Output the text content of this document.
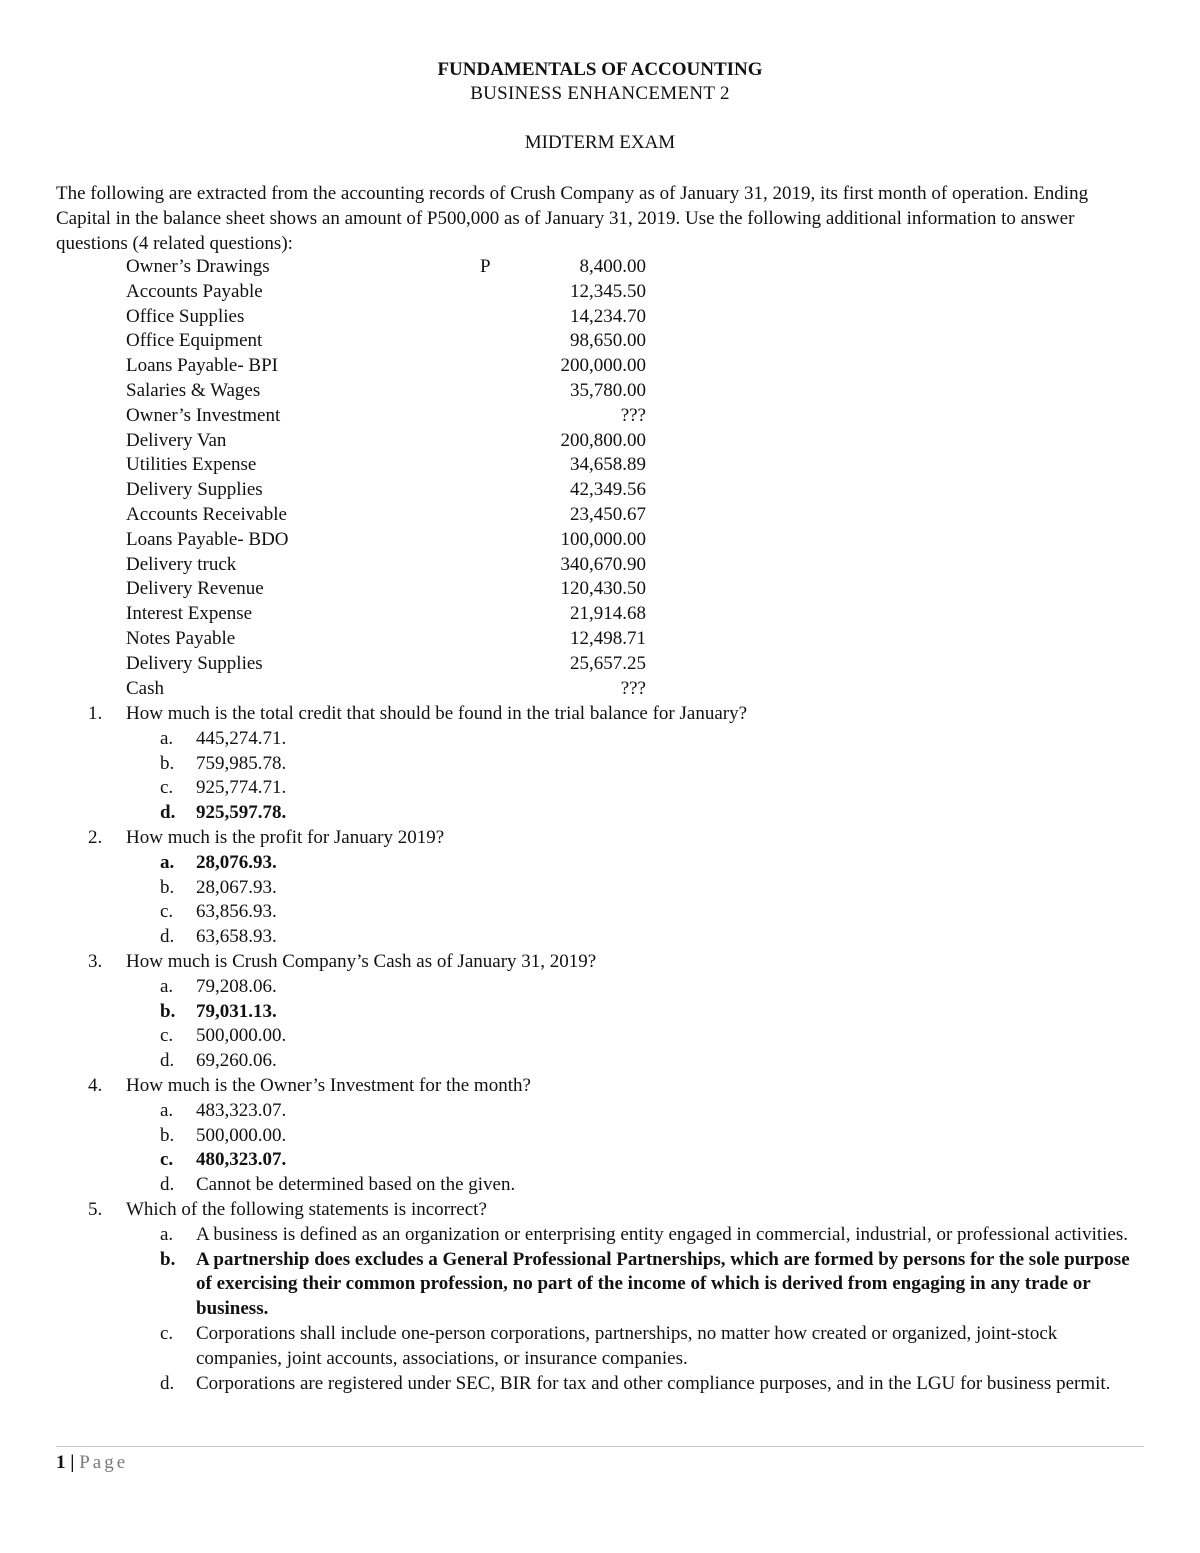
FUNDAMENTALS OF ACCOUNTING
BUSINESS ENHANCEMENT 2
MIDTERM EXAM
The following are extracted from the accounting records of Crush Company as of January 31, 2019, its first month of operation. Ending Capital in the balance sheet shows an amount of P500,000 as of January 31, 2019. Use the following additional information to answer questions (4 related questions):
Owner’s Drawings	P	8,400.00
Accounts Payable	12,345.50
Office Supplies	14,234.70
Office Equipment	98,650.00
Loans Payable- BPI	200,000.00
Salaries & Wages	35,780.00
Owner’s Investment	???
Delivery Van	200,800.00
Utilities Expense	34,658.89
Delivery Supplies	42,349.56
Accounts Receivable	23,450.67
Loans Payable- BDO	100,000.00
Delivery truck	340,670.90
Delivery Revenue	120,430.50
Interest Expense	21,914.68
Notes Payable	12,498.71
Delivery Supplies	25,657.25
Cash	???
1. How much is the total credit that should be found in the trial balance for January?
a. 445,274.71.
b. 759,985.78.
c. 925,774.71.
d. 925,597.78.
2. How much is the profit for January 2019?
a. 28,076.93.
b. 28,067.93.
c. 63,856.93.
d. 63,658.93.
3. How much is Crush Company’s Cash as of January 31, 2019?
a. 79,208.06.
b. 79,031.13.
c. 500,000.00.
d. 69,260.06.
4. How much is the Owner’s Investment for the month?
a. 483,323.07.
b. 500,000.00.
c. 480,323.07.
d. Cannot be determined based on the given.
5. Which of the following statements is incorrect?
a. A business is defined as an organization or enterprising entity engaged in commercial, industrial, or professional activities.
b. A partnership does excludes a General Professional Partnerships, which are formed by persons for the sole purpose of exercising their common profession, no part of the income of which is derived from engaging in any trade or business.
c. Corporations shall include one-person corporations, partnerships, no matter how created or organized, joint-stock companies, joint accounts, associations, or insurance companies.
d. Corporations are registered under SEC, BIR for tax and other compliance purposes, and in the LGU for business permit.
1 | Page
